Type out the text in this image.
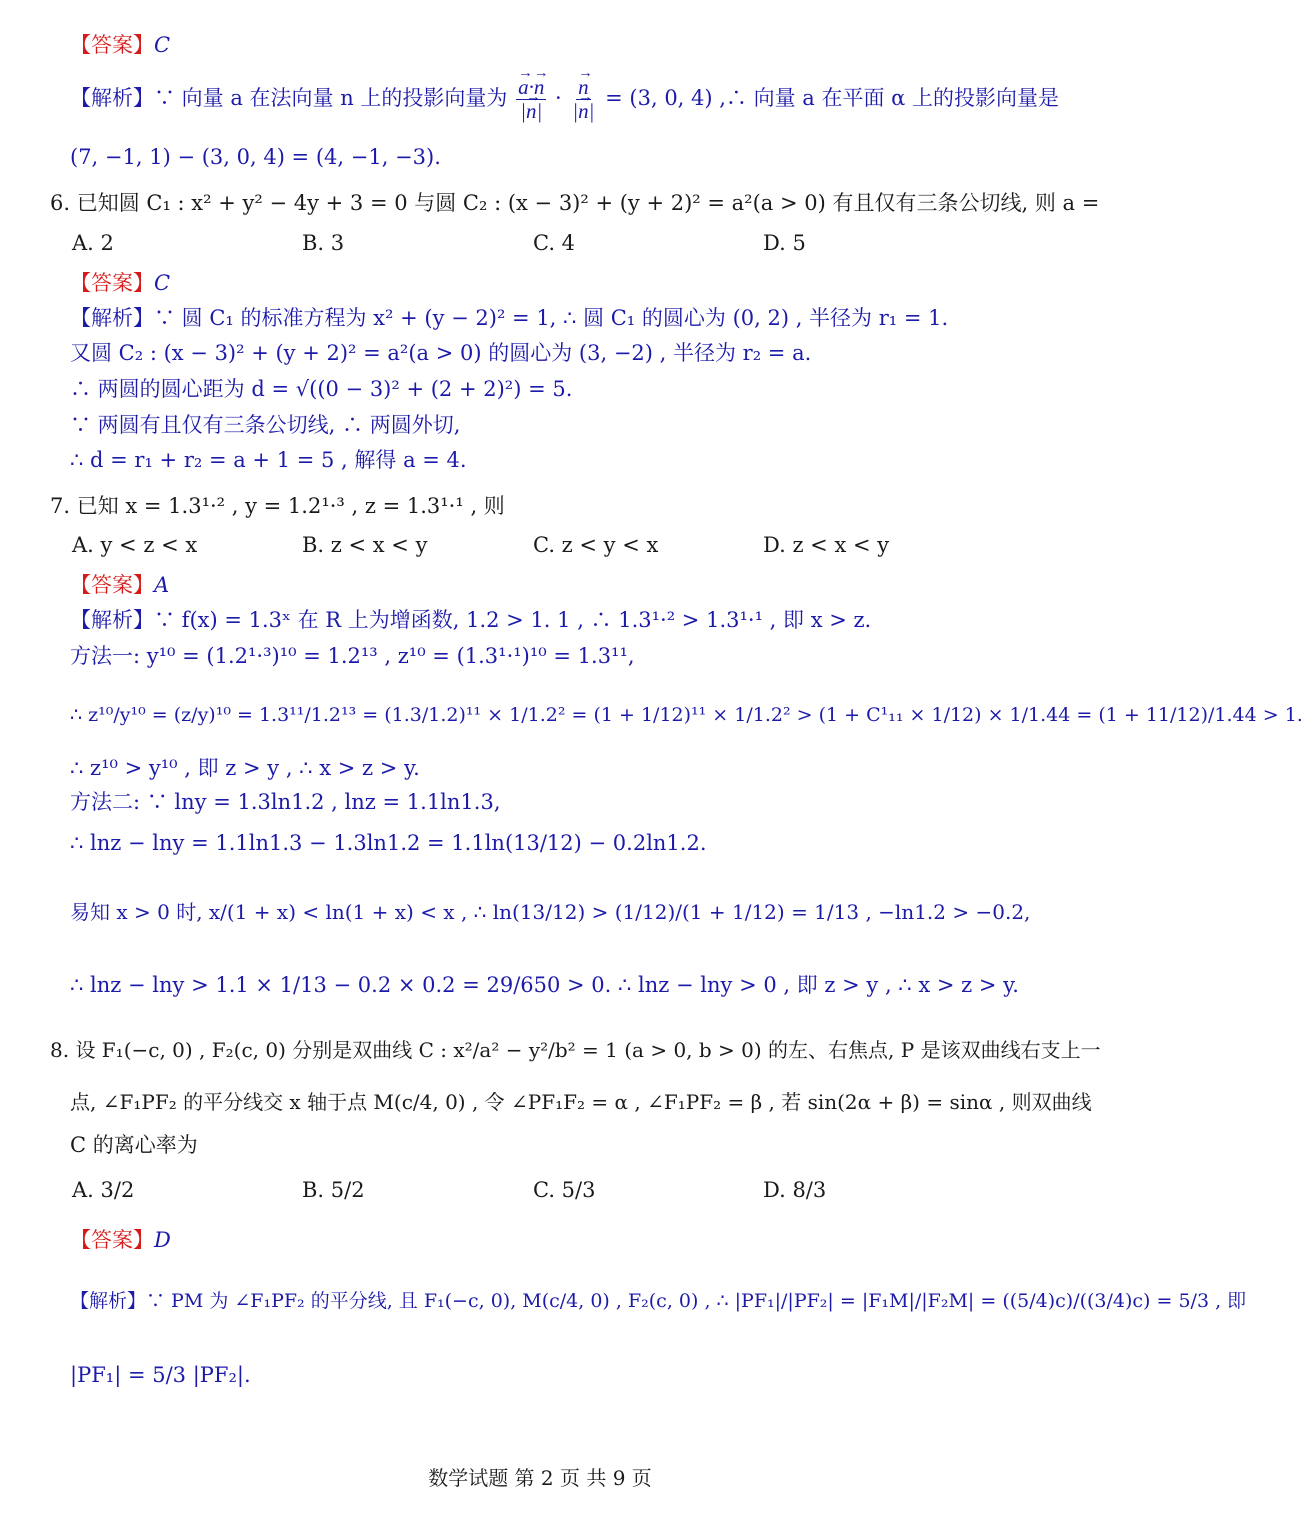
【答案】C
【解析】∵ 向量 a 在法向量 n 上的投影向量为 $\frac{a \to\cdot n \to}{|n \to|} \cdot \frac{n \to}{|n \to|} = (3$, 0, 4) ,∴ 向量 a 在平面 α 上的投影向量是
(7, −1, 1) − (3, 0, 4) = (4, −1, −3).
6. 已知圆 C₁ : x² + y² − 4y + 3 = 0 与圆 C₂ : (x − 3)² + (y + 2)² = a²(a > 0) 有且仅有三条公切线, 则 a =
A. 2	B. 3	C. 4	D. 5
【答案】C
【解析】∵ 圆 C₁ 的标准方程为 x² + (y − 2)² = 1, ∴ 圆 C₁ 的圆心为 (0, 2) , 半径为 r₁ = 1.
又圆 C₂ : (x − 3)² + (y + 2)² = a²(a > 0) 的圆心为 (3, −2) , 半径为 r₂ = a.
∴ 两圆的圆心距为 d = √((0 − 3)² + (2 + 2)²) = 5.
∵ 两圆有且仅有三条公切线, ∴ 两圆外切,
∴ d = r₁ + r₂ = a + 1 = 5 , 解得 a = 4.
7. 已知 x = 1.3¹·² , y = 1.2¹·³ , z = 1.3¹·¹ , 则
A. y < z < x	B. z < x < y	C. z < y < x	D. z < x < y
【答案】A
【解析】∵ f(x) = 1.3ˣ 在 R 上为增函数, 1.2 > 1. 1 , ∴ 1.3¹·² > 1.3¹·¹ , 即 x > z.
方法一: y¹⁰ = (1.2¹·³)¹⁰ = 1.2¹³ , z¹⁰ = (1.3¹·¹)¹⁰ = 1.3¹¹,
∴ z¹⁰/y¹⁰ = (z/y)¹⁰ = 1.3¹¹/1.2¹³ = (1.3/1.2)¹¹ × 1/1.2² = (1 + 1/12)¹¹ × 1/1.2² > (1 + C¹₁₁ × 1/12) × 1/1.44 = (1 + 11/12)/1.44 > 1.
∴ z¹⁰ > y¹⁰ , 即 z > y , ∴ x > z > y.
方法二: ∵ lny = 1.3ln1.2 , lnz = 1.1ln1.3,
∴ lnz − lny = 1.1ln1.3 − 1.3ln1.2 = 1.1ln(13/12) − 0.2ln1.2.
易知 x > 0 时, x/(1 + x) < ln(1 + x) < x , ∴ ln(13/12) > (1/12)/(1 + 1/12) = 1/13 , −ln1.2 > −0.2,
∴ lnz − lny > 1.1 × 1/13 − 0.2 × 0.2 = 29/650 > 0. ∴ lnz − lny > 0 , 即 z > y , ∴ x > z > y.
8. 设 F₁(−c, 0) , F₂(c, 0) 分别是双曲线 C : x²/a² − y²/b² = 1 (a > 0, b > 0) 的左、右焦点, P 是该双曲线右支上一
点, ∠F₁PF₂ 的平分线交 x 轴于点 M(c/4, 0) , 令 ∠PF₁F₂ = α , ∠F₁PF₂ = β , 若 sin(2α + β) = sinα , 则双曲线
C 的离心率为
A. 3/2	B. 5/2	C. 5/3	D. 8/3
【答案】D
【解析】∵ PM 为 ∠F₁PF₂ 的平分线, 且 F₁(−c, 0), M(c/4, 0) , F₂(c, 0) , ∴ |PF₁|/|PF₂| = |F₁M|/|F₂M| = ((5/4)c)/((3/4)c) = 5/3 , 即
|PF₁| = 5/3 |PF₂|.
数学试题 第 2 页 共 9 页
